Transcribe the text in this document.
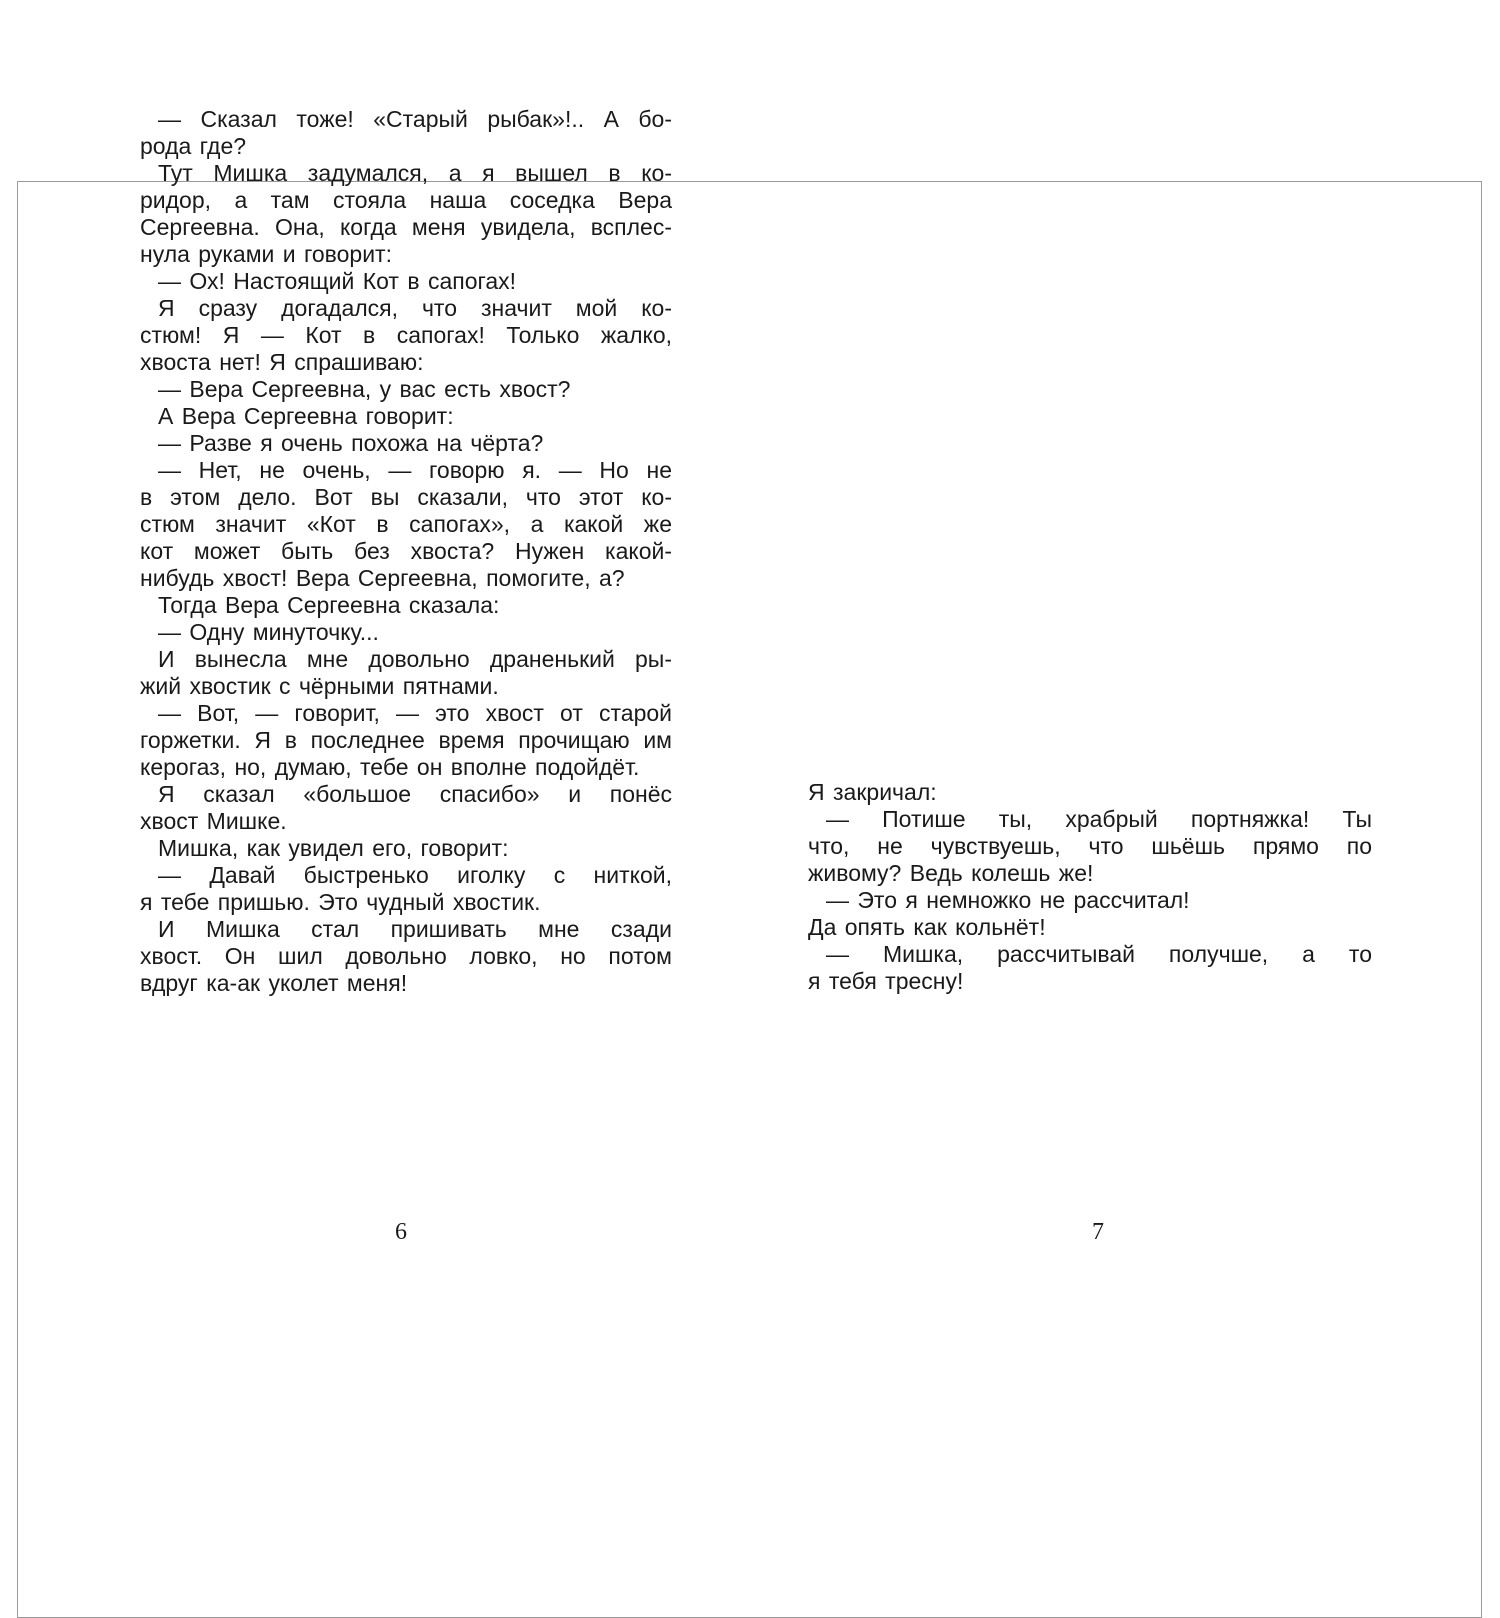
— Сказал тоже! «Старый рыбак»!.. А бо-
рода где?
Тут Мишка задумался, а я вышел в ко-
ридор, а там стояла наша соседка Вера
Сергеевна. Она, когда меня увидела, всплес-
нула руками и говорит:
— Ох! Настоящий Кот в сапогах!
Я сразу догадался, что значит мой ко-
стюм! Я — Кот в сапогах! Только жалко,
хвоста нет! Я спрашиваю:
— Вера Сергеевна, у вас есть хвост?
А Вера Сергеевна говорит:
— Разве я очень похожа на чёрта?
— Нет, не очень, — говорю я. — Но не
в этом дело. Вот вы сказали, что этот ко-
стюм значит «Кот в сапогах», а какой же
кот может быть без хвоста? Нужен какой-
нибудь хвост! Вера Сергеевна, помогите, а?
Тогда Вера Сергеевна сказала:
— Одну минуточку...
И вынесла мне довольно драненький ры-
жий хвостик с чёрными пятнами.
— Вот, — говорит, — это хвост от старой
горжетки. Я в последнее время прочищаю им
керогаз, но, думаю, тебе он вполне подойдёт.
Я сказал «большое спасибо» и понёс
хвост Мишке.
Мишка, как увидел его, говорит:
— Давай быстренько иголку с ниткой,
я тебе пришью. Это чудный хвостик.
И Мишка стал пришивать мне сзади
хвост. Он шил довольно ловко, но потом
вдруг ка-ак уколет меня!
6
Я закричал:
— Потише ты, храбрый портняжка! Ты
что, не чувствуешь, что шьёшь прямо по
живому? Ведь колешь же!
— Это я немножко не рассчитал!
Да опять как кольнёт!
— Мишка, рассчитывай получше, а то
я тебя тресну!
7
